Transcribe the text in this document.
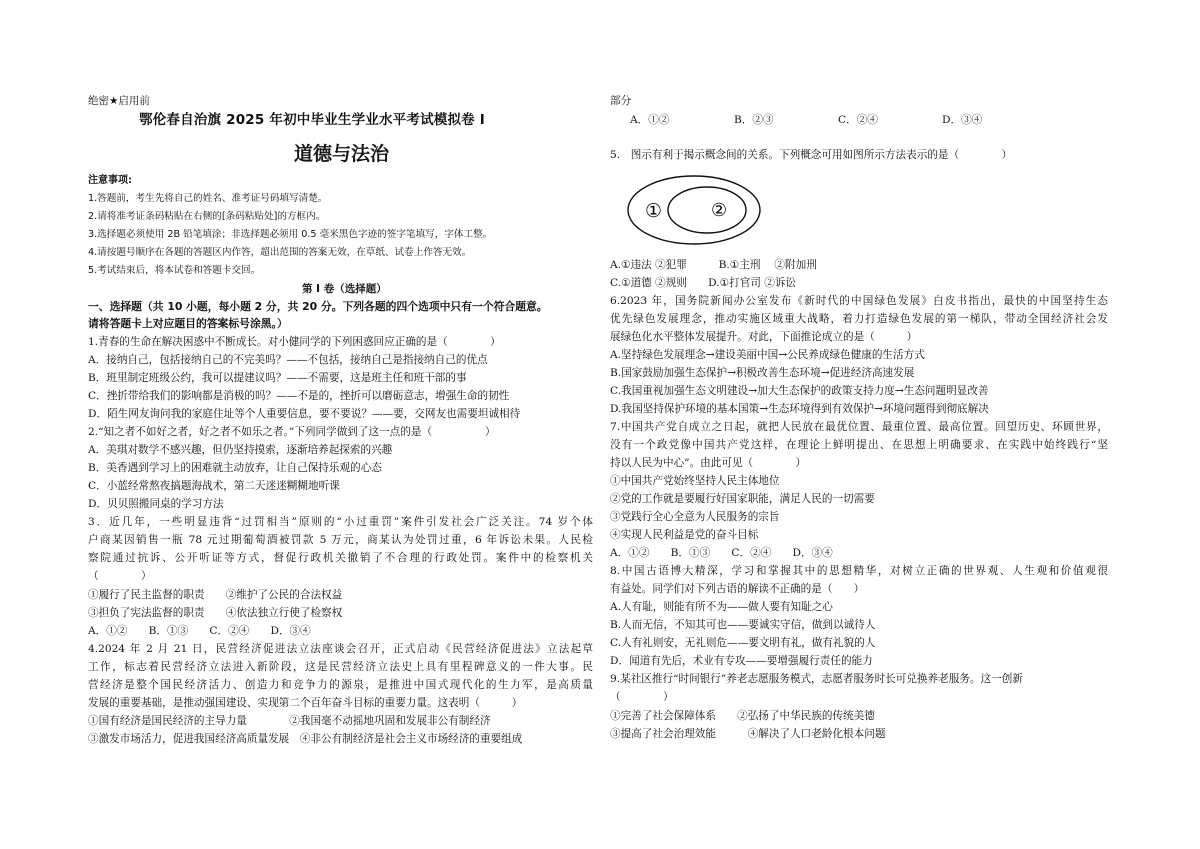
绝密★启用前
鄂伦春自治旗 2025 年初中毕业生学业水平考试模拟卷 I
道德与法治
注意事项:
1.答题前，考生先将自己的姓名、准考证号码填写清楚。
2.请将准考证条码粘贴在右侧的[条码粘贴处]的方框内。
3.选择题必须使用 2B 铅笔填涂；非选择题必须用 0.5 毫米黑色字迹的签字笔填写，字体工整。
4.请按题号顺序在各题的答题区内作答，超出范围的答案无效，在草纸、试卷上作答无效。
5.考试结束后，将本试卷和答题卡交回。
第 I 卷（选择题）
一、选择题（共 10 小题，每小题 2 分，共 20 分。下列各题的四个选项中只有一个符合题意。
请将答题卡上对应题目的答案标号涂黑。）
1.青春的生命在解决困惑中不断成长。对小健同学的下列困惑回应正确的是（　　　　）
A．接纳自己，包括接纳自己的不完美吗？——不包括，接纳自己是指接纳自己的优点
B．班里制定班级公约，我可以提建议吗？——不需要，这是班主任和班干部的事
C．挫折带给我们的影响都是消极的吗？——不是的，挫折可以磨砺意志，增强生命的韧性
D．陌生网友询问我的家庭住址等个人重要信息，要不要说？——要，交网友也需要坦诚相待
2.“知之者不如好之者，好之者不如乐之者。”下列同学做到了这一点的是（　　　　　）
A．美琪对数学不感兴趣，但仍坚持摸索，逐渐培养起探索的兴趣
B．美香遇到学习上的困难就主动放弃，让自己保持乐观的心态
C．小蓝经常熬夜搞题海战术，第二天迷迷糊糊地听课
D．贝贝照搬同桌的学习方法
3．近几年，一些明显违背“过罚相当”原则的“小过重罚”案件引发社会广泛关注。74 岁个体
户商某因销售一瓶 78 元过期葡萄酒被罚款 5 万元，商某认为处罚过重，6 年诉讼未果。人民检
察院通过抗诉、公开听证等方式，督促行政机关撤销了不合理的行政处罚。案件中的检察机关
（　　　　）
①履行了民主监督的职责　　②维护了公民的合法权益
③担负了宪法监督的职责　　④依法独立行使了检察权
A．①②　　B．①③　　C．②④　　D．③④
4.2024 年 2 月 21 日，民营经济促进法立法座谈会召开，正式启动《民营经济促进法》立法起草
工作，标志着民营经济立法进入新阶段，这是民营经济立法史上具有里程碑意义的一件大事。民
营经济是整个国民经济活力、创造力和竞争力的源泉，是推进中国式现代化的生力军，是高质量
发展的重要基础，是推动强国建设、实现第二个百年奋斗目标的重要力量。这表明（　　　）
①国有经济是国民经济的主导力量　　　　②我国毫不动摇地巩固和发展非公有制经济
③激发市场活力，促进我国经济高质量发展　④非公有制经济是社会主义市场经济的重要组成
部分
A．①②	B．②③	C．②④	D．③④
5.　图示有利于揭示概念间的关系。下列概念可用如图所示方法表示的是（　　　　）
①	②
A.①违法 ②犯罪　　　B.①主刑　 ②附加刑
C.①道德 ②规则　　D.①打官司 ②诉讼
6.2023 年，国务院新闻办公室发布《新时代的中国绿色发展》白皮书指出，最快的中国坚持生态
优先绿色发展理念，推动实施区域重大战略，着力打造绿色发展的第一梯队，带动全国经济社会发
展绿色化水平整体发展提升。对此，下面推论成立的是（　　　）
A.坚持绿色发展理念→建设美丽中国→公民养成绿色健康的生活方式
B.国家鼓励加强生态保护→积极改善生态环境→促进经济高速发展
C.我国重视加强生态文明建设→加大生态保护的政策支持力度→生态问题明显改善
D.我国坚持保护环境的基本国策→生态环境得到有效保护→环境问题得到彻底解决
7.中国共产党自成立之日起，就把人民放在最优位置、最重位置、最高位置。回望历史、环顾世界，
没有一个政党像中国共产党这样，在理论上鲜明提出、在思想上明确要求、在实践中始终践行“坚
持以人民为中心”。由此可见（　　　　）
①中国共产党始终坚持人民主体地位
②党的工作就是要履行好国家职能，满足人民的一切需要
③党践行全心全意为人民服务的宗旨
④实现人民利益是党的奋斗目标
A．①②　　B．①③　　C．②④　　D．③④
8.中国古语博大精深，学习和掌握其中的思想精华，对树立正确的世界观、人生观和价值观很
有益处。同学们对下列古语的解读不正确的是（　　）
A.人有耻，则能有所不为——做人要有知耻之心
B.人而无信，不知其可也——要诚实守信，做到以诚待人
C.人有礼则安，无礼则危——要文明有礼，做有礼貌的人
D．闻道有先后，术业有专攻——要增强履行责任的能力
9.某社区推行“时间银行”养老志愿服务模式，志愿者服务时长可兑换养老服务。这一创新
（　　　　）
①完善了社会保障体系　　②弘扬了中华民族的传统美德
③提高了社会治理效能　　　④解决了人口老龄化根本问题
